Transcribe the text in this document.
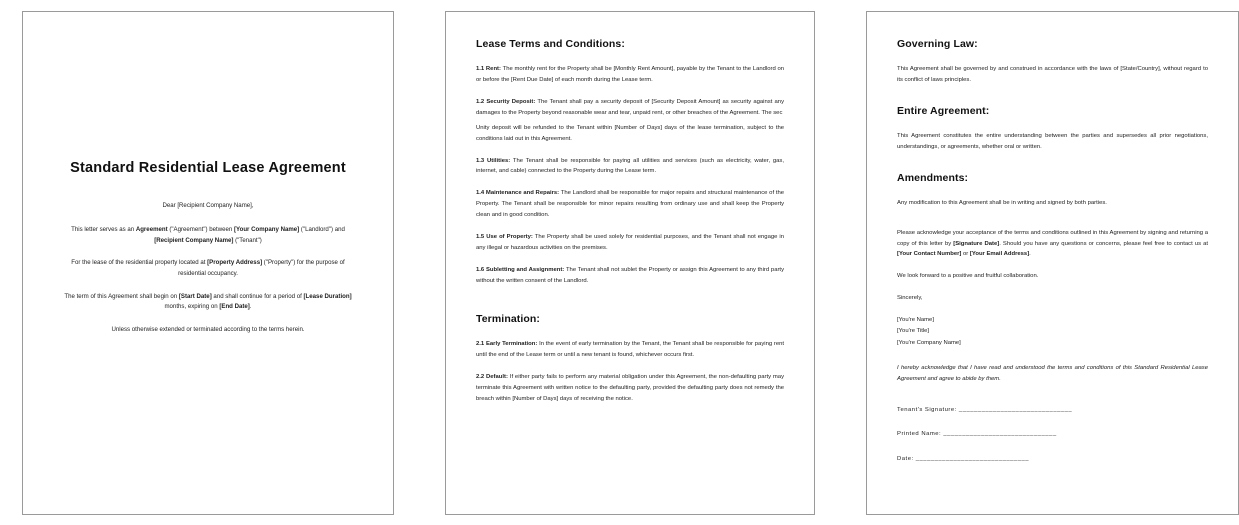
Standard Residential Lease Agreement
Dear [Recipient Company Name],
This letter serves as an Agreement ("Agreement") between [Your Company Name] ("Landlord") and [Recipient Company Name] ("Tenant")
For the lease of the residential property located at [Property Address] ("Property") for the purpose of residential occupancy.
The term of this Agreement shall begin on [Start Date] and shall continue for a period of [Lease Duration] months, expiring on [End Date].
Unless otherwise extended or terminated according to the terms herein.
Lease Terms and Conditions:
1.1 Rent: The monthly rent for the Property shall be [Monthly Rent Amount], payable by the Tenant to the Landlord on or before the [Rent Due Date] of each month during the Lease term.
1.2 Security Deposit: The Tenant shall pay a security deposit of [Security Deposit Amount] as security against any damages to the Property beyond reasonable wear and tear, unpaid rent, or other breaches of the Agreement. The sec
Unity deposit will be refunded to the Tenant within [Number of Days] days of the lease termination, subject to the conditions laid out in this Agreement.
1.3 Utilities: The Tenant shall be responsible for paying all utilities and services (such as electricity, water, gas, internet, and cable) connected to the Property during the Lease term.
1.4 Maintenance and Repairs: The Landlord shall be responsible for major repairs and structural maintenance of the Property. The Tenant shall be responsible for minor repairs resulting from ordinary use and shall keep the Property clean and in good condition.
1.5 Use of Property: The Property shall be used solely for residential purposes, and the Tenant shall not engage in any illegal or hazardous activities on the premises.
1.6 Subletting and Assignment: The Tenant shall not sublet the Property or assign this Agreement to any third party without the written consent of the Landlord.
Termination:
2.1 Early Termination: In the event of early termination by the Tenant, the Tenant shall be responsible for paying rent until the end of the Lease term or until a new tenant is found, whichever occurs first.
2.2 Default: If either party fails to perform any material obligation under this Agreement, the non-defaulting party may terminate this Agreement with written notice to the defaulting party, provided the defaulting party does not remedy the breach within [Number of Days] days of receiving the notice.
Governing Law:
This Agreement shall be governed by and construed in accordance with the laws of [State/Country], without regard to its conflict of laws principles.
Entire Agreement:
This Agreement constitutes the entire understanding between the parties and supersedes all prior negotiations, understandings, or agreements, whether oral or written.
Amendments:
Any modification to this Agreement shall be in writing and signed by both parties.
Please acknowledge your acceptance of the terms and conditions outlined in this Agreement by signing and returning a copy of this letter by [Signature Date]. Should you have any questions or concerns, please feel free to contact us at [Your Contact Number] or [Your Email Address].
We look forward to a positive and fruitful collaboration.
Sincerely,
[You're Name]
[You're Title]
[You're Company Name]
I hereby acknowledge that I have read and understood the terms and conditions of this Standard Residential Lease Agreement and agree to abide by them.
Tenant's Signature: ______________________________
Printed Name: ______________________________
Date: ______________________________
